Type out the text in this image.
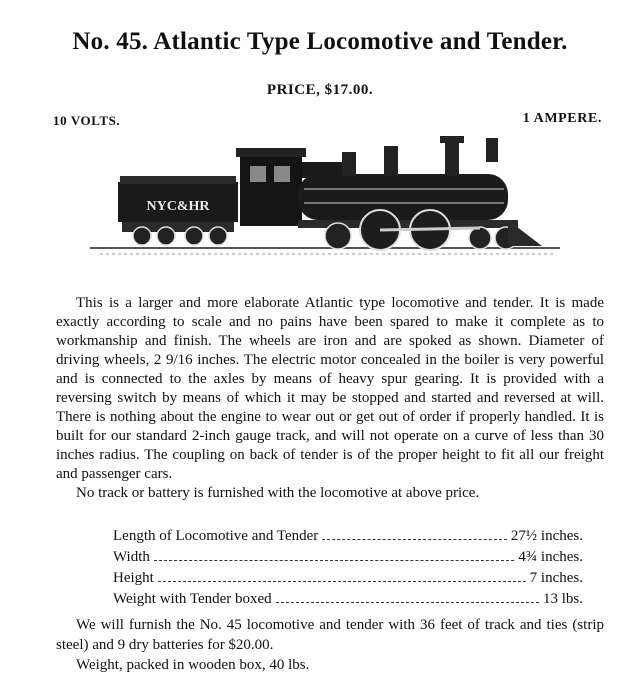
No. 45. Atlantic Type Locomotive and Tender.
PRICE, $17.00.
10 VOLTS.	1 AMPERE.
NYC&HR

This is a larger and more elaborate Atlantic type locomotive and tender. It is made exactly according to scale and no pains have been spared to make it complete as to workmanship and finish. The wheels are iron and are spoked as shown. Diameter of driving wheels, 2 9/16 inches. The electric motor concealed in the boiler is very powerful and is connected to the axles by means of heavy spur gearing. It is provided with a reversing switch by means of which it may be stopped and started and reversed at will. There is nothing about the engine to wear out or get out of order if properly handled. It is built for our standard 2-inch gauge track, and will not operate on a curve of less than 30 inches radius. The coupling on back of tender is of the proper height to fit all our freight and passenger cars.

No track or battery is furnished with the locomotive at above price.

Length of Locomotive and Tender	27½ inches.
Width	4¾ inches.
Height	7 inches.
Weight with Tender boxed	13 lbs.

We will furnish the No. 45 locomotive and tender with 36 feet of track and ties (strip steel) and 9 dry batteries for $20.00.

Weight, packed in wooden box, 40 lbs.
